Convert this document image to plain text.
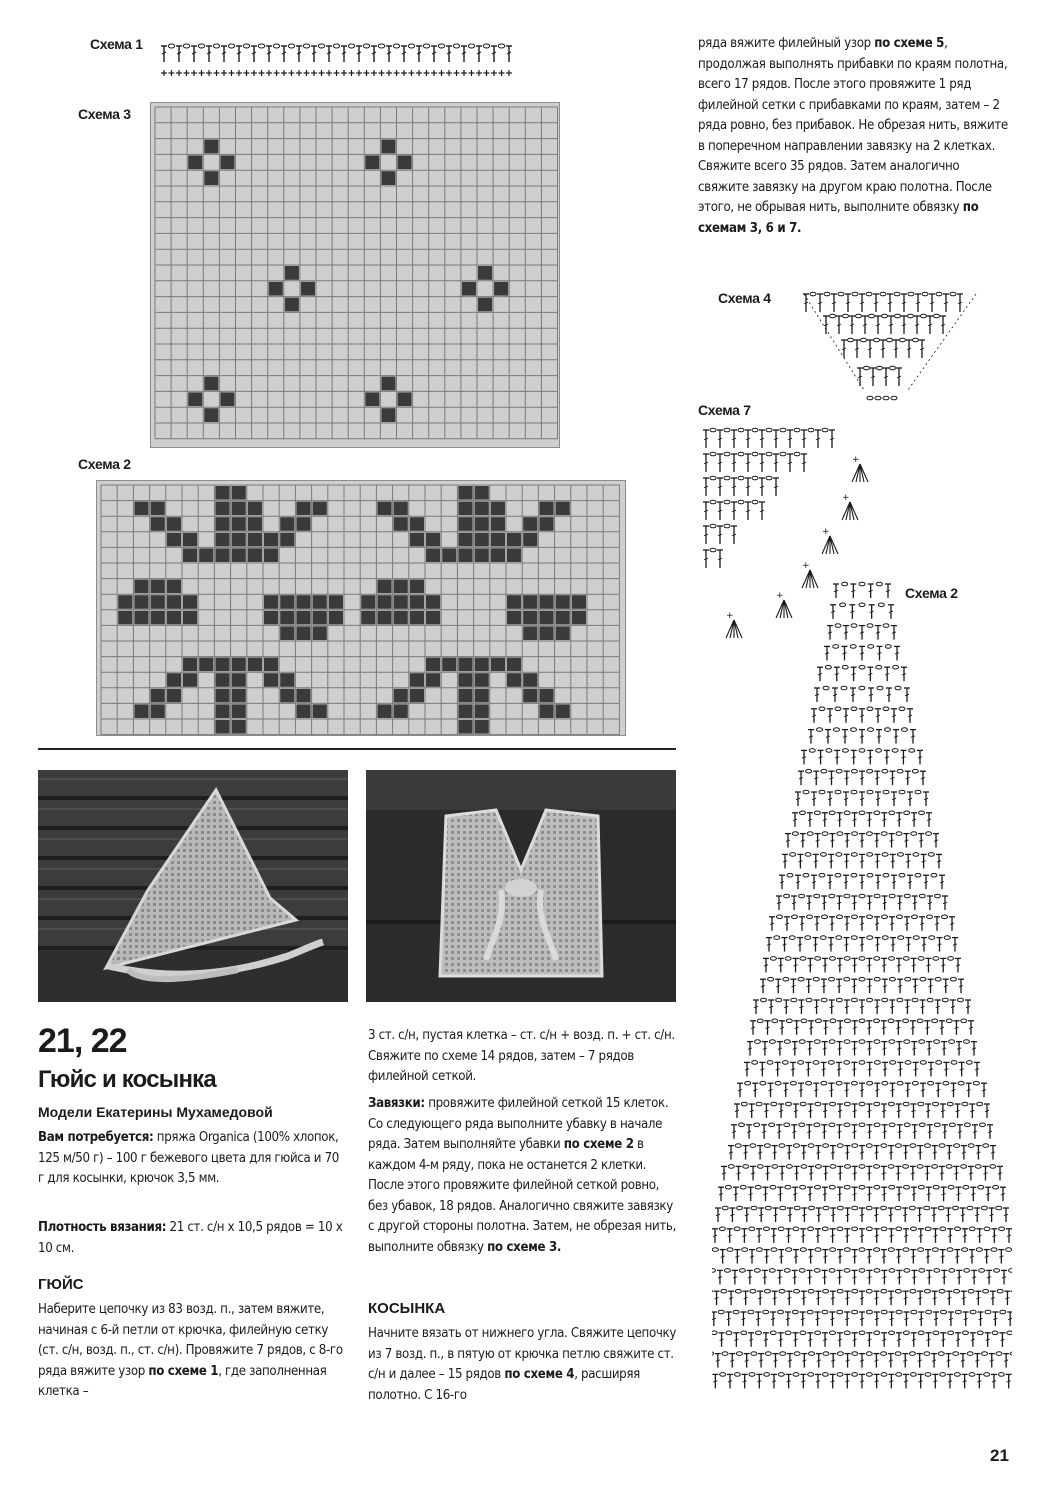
Схема 1
Схема 3
Схема 2
Схема 4
Схема 7
Схема 2
ряда вяжите филейный узор по схеме 5, продолжая выполнять прибавки по краям полотна, всего 17 рядов. После этого провяжите 1 ряд филейной сетки с прибавками по краям, затем – 2 ряда ровно, без прибавок. Не обрезая нить, вяжите в поперечном направлении завязку на 2 клетках. Свяжите всего 35 рядов. Затем аналогично свяжите завязку на другом краю полотна. После этого, не обрывая нить, выполните обвязку по схемам 3, 6 и 7.
+
+
+
+
+
+
21, 22
Гюйс и косынка
Модели Екатерины Мухамедовой
Вам потребуется: пряжа Organica (100% хлопок, 125 м/50 г) – 100 г бежевого цвета для гюйса и 70 г для косынки, крючок 3,5 мм.
Плотность вязания: 21 ст. с/н х 10,5 рядов = 10 х 10 см.
ГЮЙС
Наберите цепочку из 83 возд. п., затем вяжите, начиная с 6-й петли от крючка, филейную сетку (ст. с/н, возд. п., ст. с/н). Провяжите 7 рядов, с 8-го ряда вяжите узор по схеме 1, где заполненная клетка –
3 ст. с/н, пустая клетка – ст. с/н + возд. п. + ст. с/н. Свяжите по схеме 14 рядов, затем – 7 рядов филейной сеткой.
Завязки: провяжите филейной сеткой 15 клеток. Со следующего ряда выполните убавку в начале ряда. Затем выполняйте убавки по схеме 2 в каждом 4-м ряду, пока не останется 2 клетки. После этого провяжите филейной сеткой ровно, без убавок, 18 рядов. Аналогично свяжите завязку с другой стороны полотна. Затем, не обрезая нить, выполните обвязку по схеме 3.
КОСЫНКА
Начните вязать от нижнего угла. Свяжите цепочку из 7 возд. п., в пятую от крючка петлю свяжите ст. с/н и далее – 15 рядов по схеме 4, расширяя полотно. С 16-го
21
